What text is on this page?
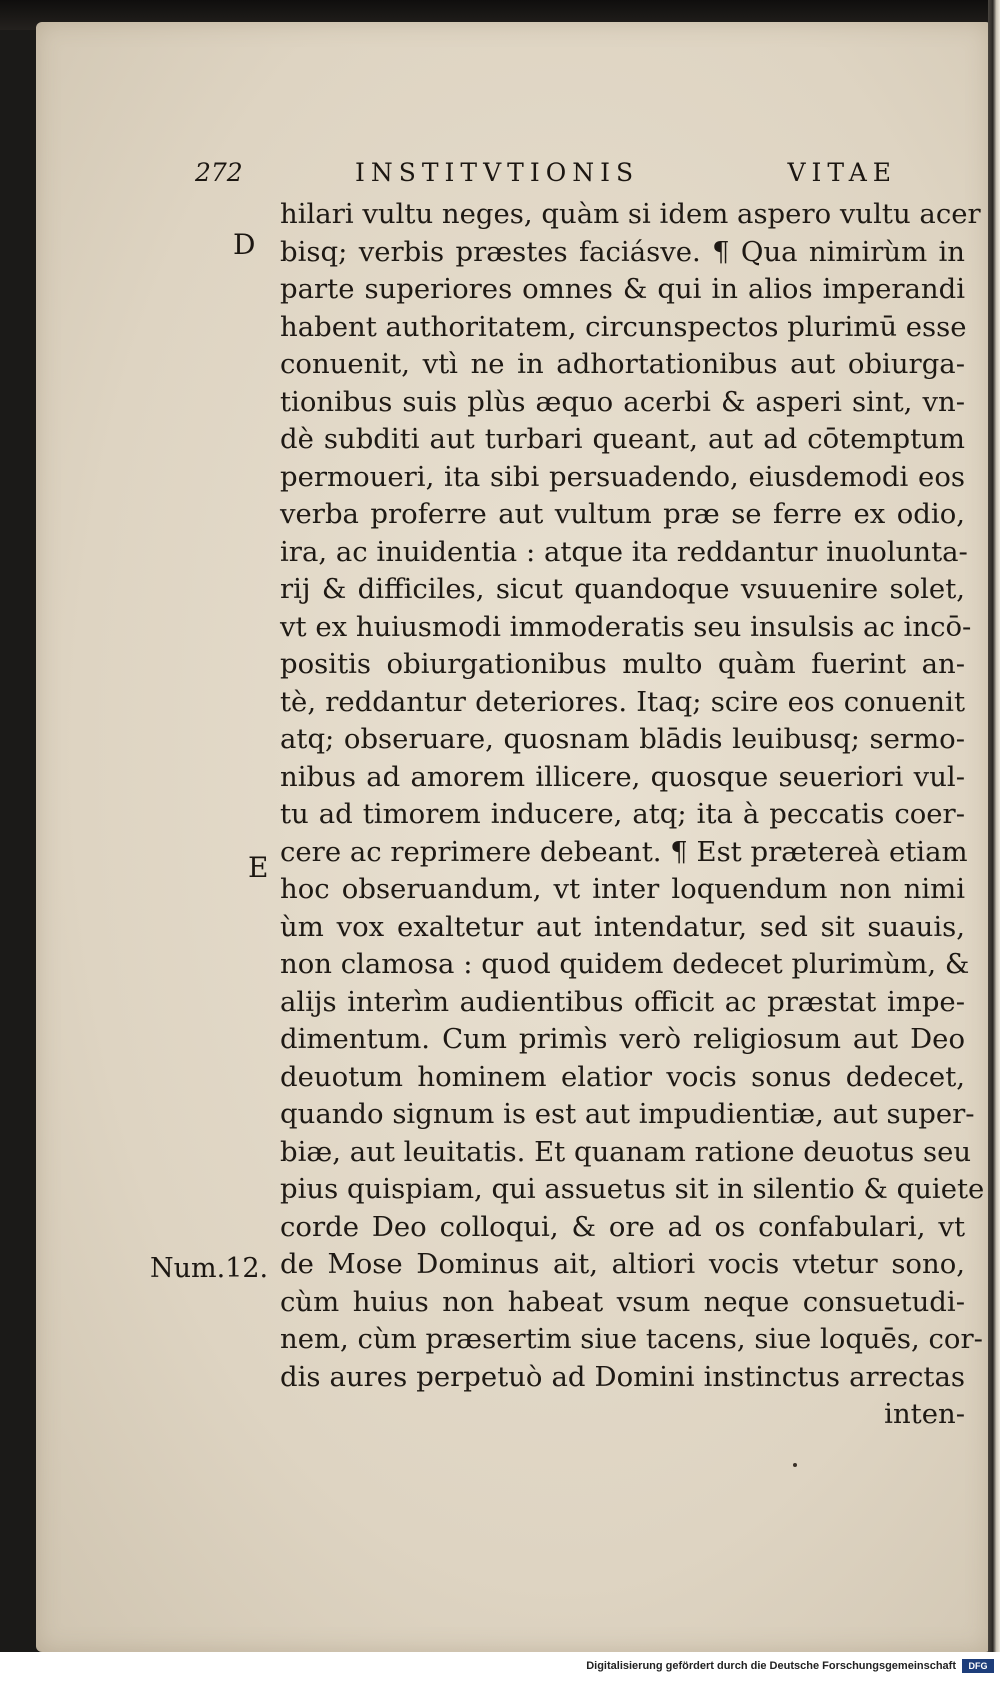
272	INSTITVTIONIS	VITAE
D
E
Num.12.
hilari vultu neges, quàm si idem aspero vultu acer
bisq; verbis præstes faciásve. ¶ Qua nimirùm in
parte superiores omnes & qui in alios imperandi
habent authoritatem, circunspectos plurimū esse
conuenit, vtì ne in adhortationibus aut obiurga-
tionibus suis plùs æquo acerbi & asperi sint, vn-
dè subditi aut turbari queant, aut ad cōtemptum
permoueri, ita sibi persuadendo, eiusdemodi eos
verba proferre aut vultum præ se ferre ex odio,
ira, ac inuidentia : atque ita reddantur inuolunta-
rij & difficiles, sicut quandoque vsuuenire solet,
vt ex huiusmodi immoderatis seu insulsis ac incō-
positis obiurgationibus multo quàm fuerint an-
tè, reddantur deteriores. Itaq; scire eos conuenit
atq; obseruare, quosnam blādis leuibusq; sermo-
nibus ad amorem illicere, quosque seueriori vul-
tu ad timorem inducere, atq; ita à peccatis coer-
cere ac reprimere debeant. ¶ Est prætereà etiam
hoc obseruandum, vt inter loquendum non nimi
ùm vox exaltetur aut intendatur, sed sit suauis,
non clamosa : quod quidem dedecet plurimùm, &
alijs interìm audientibus officit ac præstat impe-
dimentum. Cum primìs verò religiosum aut Deo
deuotum hominem elatior vocis sonus dedecet,
quando signum is est aut impudientiæ, aut super-
biæ, aut leuitatis. Et quanam ratione deuotus seu
pius quispiam, qui assuetus sit in silentio & quiete
corde Deo colloqui, & ore ad os confabulari, vt
de Mose Dominus ait, altiori vocis vtetur sono,
cùm huius non habeat vsum neque consuetudi-
nem, cùm præsertim siue tacens, siue loquēs, cor-
dis aures perpetuò ad Domini instinctus arrectas
inten-
Digitalisierung gefördert durch die Deutsche Forschungsgemeinschaft	DFG
